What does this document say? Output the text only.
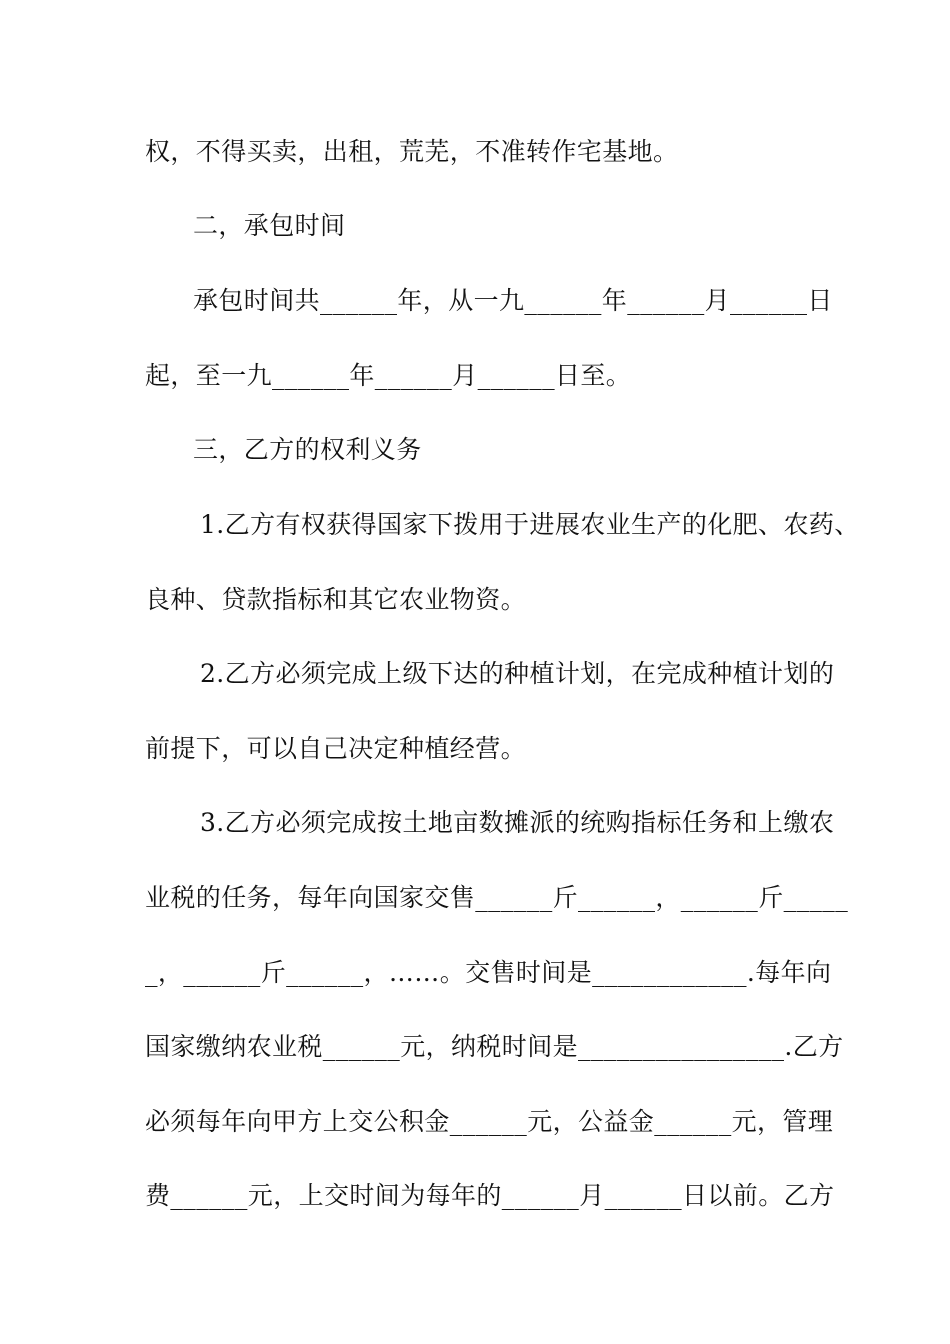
权，不得买卖，出租，荒芜，不准转作宅基地。
二，承包时间
承包时间共______年，从一九______年______月______日
起，至一九______年______月______日至。
三，乙方的权利义务
1.乙方有权获得国家下拨用于进展农业生产的化肥、农药、
良种、贷款指标和其它农业物资。
2.乙方必须完成上级下达的种植计划，在完成种植计划的
前提下，可以自己决定种植经营。
3.乙方必须完成按土地亩数摊派的统购指标任务和上缴农
业税的任务，每年向国家交售______斤______，______斤_____
_，______斤______，……。交售时间是____________.每年向
国家缴纳农业税______元，纳税时间是________________.乙方
必须每年向甲方上交公积金______元，公益金______元，管理
费______元，上交时间为每年的______月______日以前。乙方
